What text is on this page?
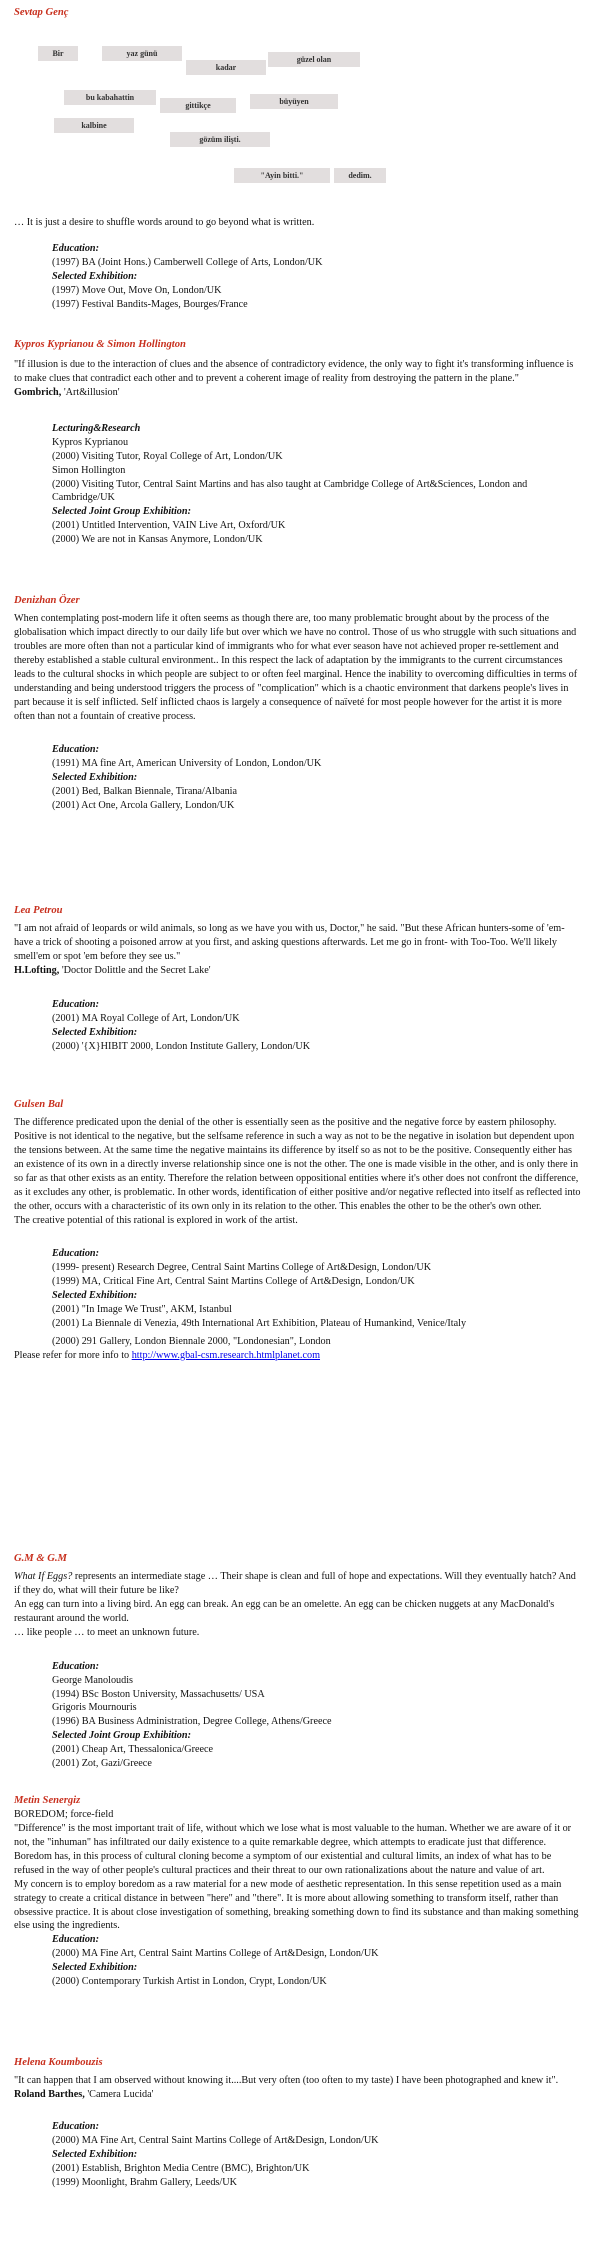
Sevtap Genç

Bir	yaz günü
kadar
güzel olan
bu kabahattin
gittikçe	büyüyen
kalbine
gözüm ilişti.
"Ayin bitti."	dedim.

… It is just a desire to shuffle words around to go beyond what is written.

Education:

(1997) BA (Joint Hons.) Camberwell College of Arts, London/UK

Selected Exhibition:

(1997) Move Out, Move On, London/UK

(1997) Festival Bandits-Mages, Bourges/France

Kypros Kyprianou & Simon Hollington

"If illusion is due to the interaction of clues and the absence of contradictory evidence, the only way to fight it's transforming influence is to make clues that contradict each other and to prevent a coherent image of reality from destroying the pattern in the plane."

Gombrich, 'Art&illusion'

Lecturing&Research

Kypros Kyprianou

(2000) Visiting Tutor, Royal College of Art, London/UK

Simon Hollington

(2000) Visiting Tutor, Central Saint Martins and has also taught at Cambridge College of Art&Sciences, London and Cambridge/UK

Selected Joint Group Exhibition:

(2001) Untitled Intervention, VAIN Live Art, Oxford/UK

(2000) We are not in Kansas Anymore, London/UK

Denizhan Özer

When contemplating post-modern life it often seems as though there are, too many problematic brought about by the process of the globalisation which impact directly to our daily life but over which we have no control. Those of us who struggle with such situations and troubles are more often than not a particular kind of immigrants who for what ever season have not achieved proper re-settlement and thereby established a stable cultural environment.. In this respect the lack of adaptation by the immigrants to the current circumstances leads to the cultural shocks in which people are subject to or often feel marginal. Hence the inability to overcoming difficulties in terms of understanding and being understood triggers the process of "complication" which is a chaotic environment that darkens people's lives in part because it is self inflicted. Self inflicted chaos is largely a consequence of naïveté for most people however for the artist it is more often than not a fountain of creative process.

Education:

(1991) MA fine Art, American University of London, London/UK

Selected Exhibition:

(2001) Bed, Balkan Biennale, Tirana/Albania

(2001) Act One, Arcola Gallery, London/UK

Lea Petrou

"I am not afraid of leopards or wild animals, so long as we have you with us, Doctor," he said. "But these African hunters-some of 'em-have a trick of shooting a poisoned arrow at you first, and asking questions afterwards. Let me go in front- with Too-Too. We'll likely smell'em or spot 'em before they see us."

H.Lofting, 'Doctor Dolittle and the Secret Lake'

Education:

(2001) MA Royal College of Art, London/UK

Selected Exhibition:

(2000) '{X}HIBIT 2000, London Institute Gallery, London/UK

Gulsen Bal

The difference predicated upon the denial of the other is essentially seen as the positive and the negative force by eastern philosophy. Positive is not identical to the negative, but the selfsame reference in such a way as not to be the negative in isolation but dependent upon the tensions between. At the same time the negative maintains its difference by itself so as not to be the positive. Consequently either has an existence of its own in a directly inverse relationship since one is not the other. The one is made visible in the other, and is only there in so far as that other exists as an entity. Therefore the relation between oppositional entities where it's other does not confront the difference, as it excludes any other, is problematic. In other words, identification of either positive and/or negative reflected into itself as reflected into the other, occurs with a characteristic of its own only in its relation to the other. This enables the other to be the other's own other.

The creative potential of this rational is explored in work of the artist.

Education:

(1999- present) Research Degree, Central Saint Martins College of Art&Design, London/UK

(1999) MA, Critical Fine Art, Central Saint Martins College of Art&Design, London/UK

Selected Exhibition:

(2001) "In Image We Trust", AKM, Istanbul

(2001) La Biennale di Venezia, 49th International Art Exhibition, Plateau of Humankind, Venice/Italy

(2000) 291 Gallery, London Biennale 2000, "Londonesian", London

Please refer for more info to http://www.gbal-csm.research.htmlplanet.com

G.M & G.M

What If Eggs? represents an intermediate stage … Their shape is clean and full of hope and expectations. Will they eventually hatch? And if they do, what will their future be like?

An egg can turn into a living bird. An egg can break. An egg can be an omelette. An egg can be chicken nuggets at any MacDonald's restaurant around the world.

… like people … to meet an unknown future.

Education:

George Manoloudis

(1994) BSc Boston University, Massachusetts/ USA

Grigoris Mournouris

(1996) BA Business Administration, Degree College, Athens/Greece

Selected Joint Group Exhibition:

(2001) Cheap Art, Thessalonica/Greece

(2001) Zot, Gazi/Greece

Metin Senergiz

BOREDOM; force-field

"Difference" is the most important trait of life, without which we lose what is most valuable to the human. Whether we are aware of it or not, the "inhuman" has infiltrated our daily existence to a quite remarkable degree, which attempts to eradicate just that difference.

Boredom has, in this process of cultural cloning become a symptom of our existential and cultural limits, an index of what has to be refused in the way of other people's cultural practices and their threat to our own rationalizations about the nature and value of art.

My concern is to employ boredom as a raw material for a new mode of aesthetic representation. In this sense repetition used as a main strategy to create a critical distance in between "here" and "there". It is more about allowing something to transform itself, rather than obsessive practice. It is about close investigation of something, breaking something down to find its substance and than making something else using the ingredients.

Education:

(2000) MA Fine Art, Central Saint Martins College of Art&Design, London/UK

Selected Exhibition:

(2000) Contemporary Turkish Artist in London, Crypt, London/UK

Helena Koumbouzis

"It can happen that I am observed without knowing it....But very often (too often to my taste) I have been photographed and knew it".

Roland Barthes, 'Camera Lucida'

Education:

(2000) MA Fine Art, Central Saint Martins College of Art&Design, London/UK

Selected Exhibition:

(2001) Establish, Brighton Media Centre (BMC), Brighton/UK

(1999) Moonlight, Brahm Gallery, Leeds/UK
